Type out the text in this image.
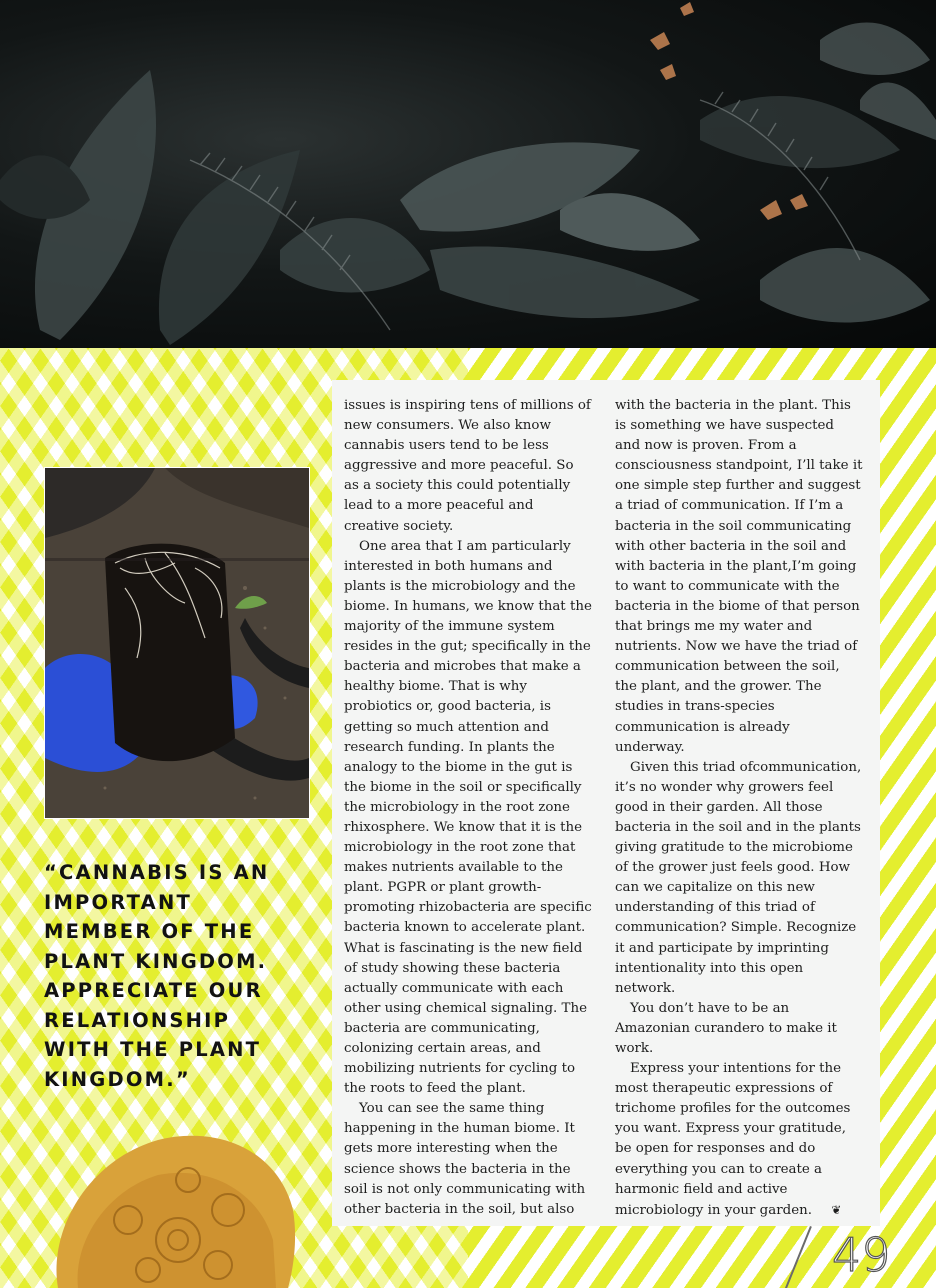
issues is inspiring tens of millions of new consumers. We also know cannabis users tend to be less aggressive and more peaceful. So as a society this could potentially lead to a more peaceful and creative society.

One area that I am particularly interested in both humans and plants is the microbiology and the biome. In humans, we know that the majority of the immune system resides in the gut; specifically in the bacteria and microbes that make a healthy biome. That is why probiotics or, good bacteria, is getting so much attention and research funding. In plants the analogy to the biome in the gut is the biome in the soil or specifically the microbiology in the root zone rhixosphere. We know that it is the microbiology in the root zone that makes nutrients available to the plant. PGPR or plant growth-promoting rhizobacteria are specific bacteria known to accelerate plant. What is fascinating is the new field of study showing these bacteria actually communicate with each other using chemical signaling. The bacteria are communicating, colonizing certain areas, and mobilizing nutrients for cycling to the roots to feed the plant.

You can see the same thing happening in the human biome. It gets more interesting when the science shows the bacteria in the soil is not only communicating with other bacteria in the soil, but also

with the bacteria in the plant. This is something we have suspected and now is proven. From a consciousness standpoint, I’ll take it one simple step further and suggest a triad of communication. If I’m a bacteria in the soil communicating with other bacteria in the soil and with bacteria in the plant,I’m going to want to communicate with the bacteria in the biome of that person that brings me my water and nutrients. Now we have the triad of communication between the soil, the plant, and the grower. The studies in trans-species communication is already underway.

Given this triad ofcommunication, it’s no wonder why growers feel good in their garden. All those bacteria in the soil and in the plants giving gratitude to the microbiome of the grower just feels good. How can we capitalize on this new understanding of this triad of communication? Simple. Recognize it and participate by imprinting intentionality into this open network.

You don’t have to be an Amazonian curandero to make it work.

Express your intentions for the most therapeutic expressions of trichome profiles for the outcomes you want. Express your gratitude, be open for responses and do everything you can to create a harmonic field and active microbiology in your garden. ❦

“CANNABIS IS AN IMPORTANT MEMBER OF THE PLANT KINGDOM. APPRECIATE OUR RELATIONSHIP WITH THE PLANT KINGDOM.”
49
